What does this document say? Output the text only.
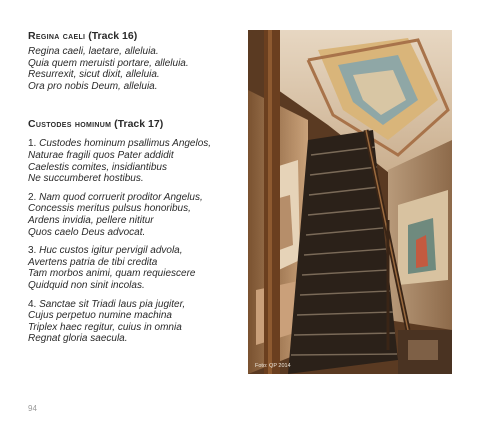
Regina caeli (Track 16)
Regina caeli, laetare, alleluia.
Quia quem meruisti portare, alleluia.
Resurrexit, sicut dixit, alleluia.
Ora pro nobis Deum, alleluia.
Custodes hominum (Track 17)
1. Custodes hominum psallimus Angelos,
Naturae fragili quos Pater addidit
Caelestis comites, insidiantibus
Ne succumberet hostibus.
2. Nam quod corruerit proditor Angelus,
Concessis meritus pulsus honoribus,
Ardens invidia, pellere nititur
Quos caelo Deus advocat.
3. Huc custos igitur pervigil advola,
Avertens patria de tibi credita
Tam morbos animi, quam requiescere
Quidquid non sinit incolas.
4. Sanctae sit Triadi laus pia jugiter,
Cujus perpetuo numine machina
Triplex haec regitur, cuius in omnia
Regnat gloria saecula.
Foto: QP 2014
94
